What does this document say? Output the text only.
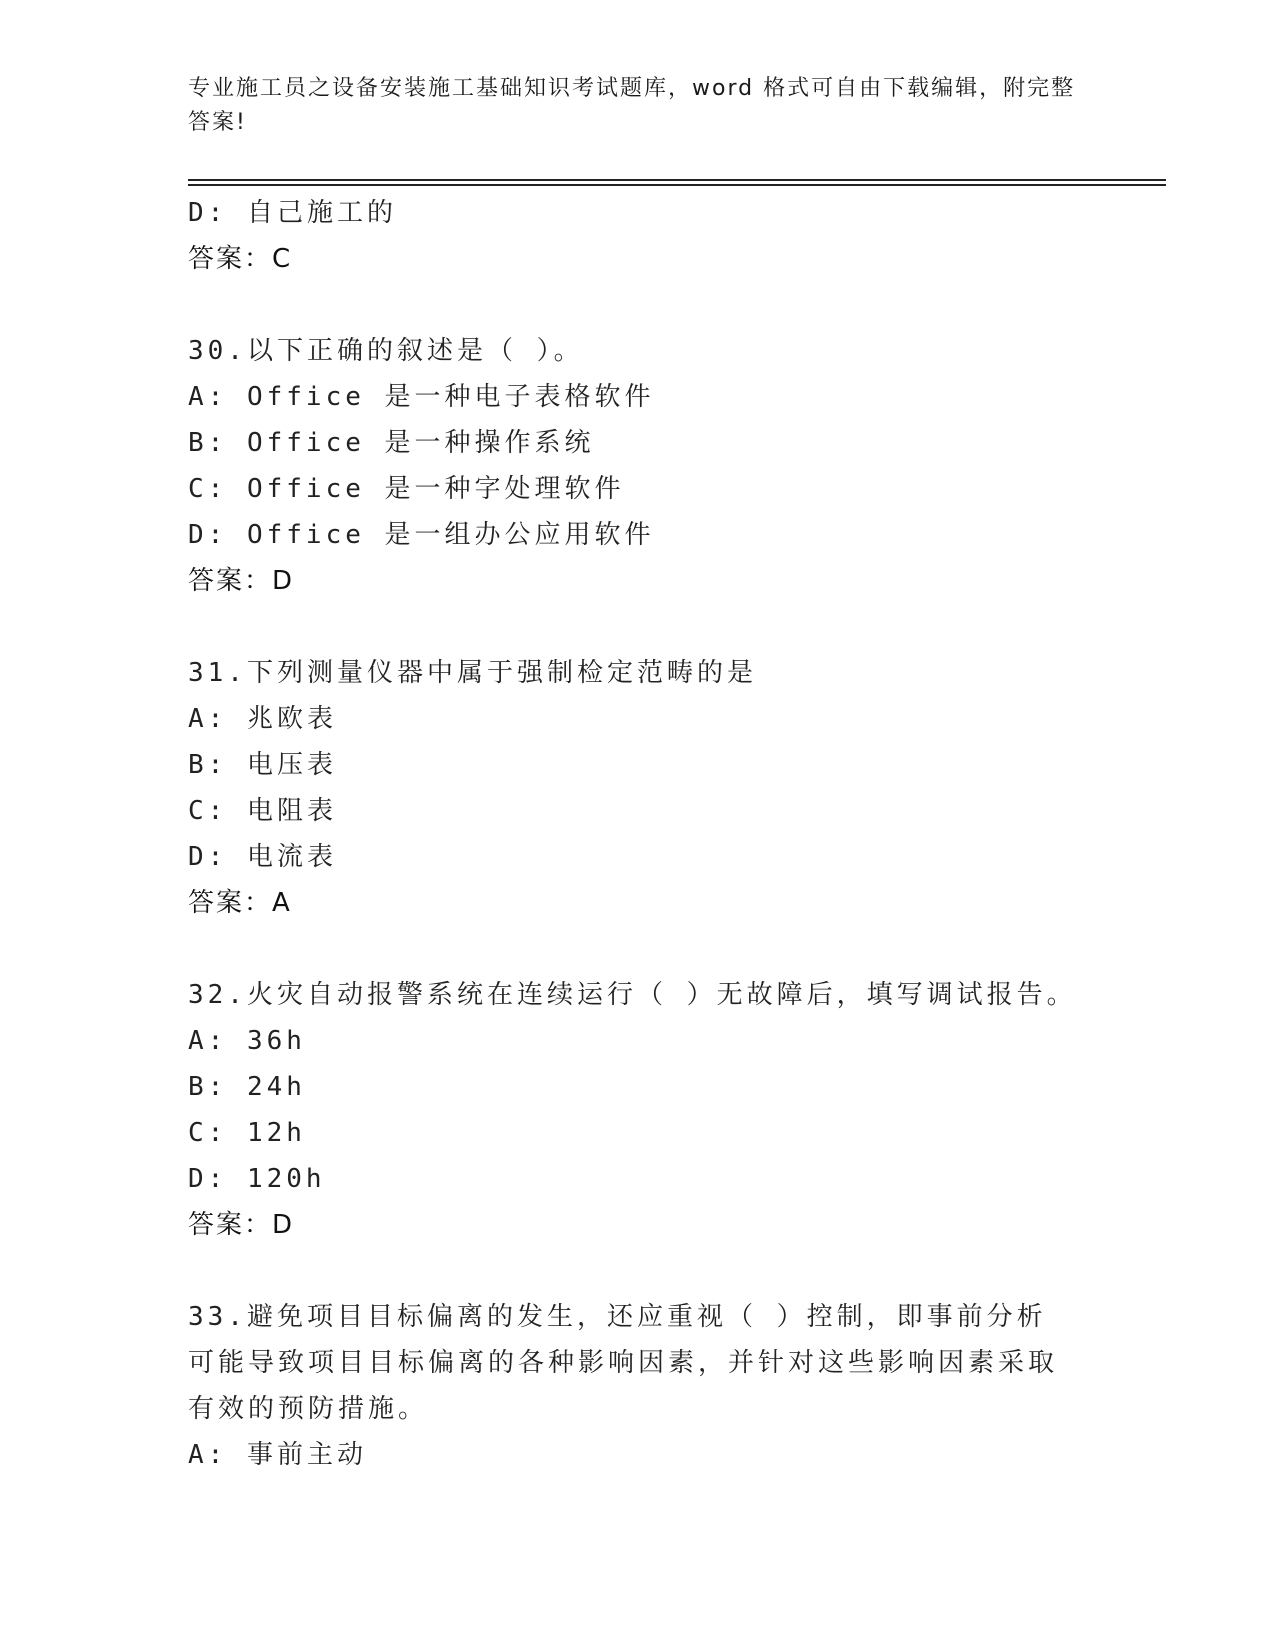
专业施工员之设备安装施工基础知识考试题库，word 格式可自由下载编辑，附完整答案!
D: 自己施工的
答案：C
30.以下正确的叙述是（ ）。
A: Office 是一种电子表格软件
B: Office 是一种操作系统
C: Office 是一种字处理软件
D: Office 是一组办公应用软件
答案：D
31.下列测量仪器中属于强制检定范畴的是
A: 兆欧表
B: 电压表
C: 电阻表
D: 电流表
答案：A
32.火灾自动报警系统在连续运行（ ）无故障后，填写调试报告。
A: 36h
B: 24h
C: 12h
D: 120h
答案：D
33.避免项目目标偏离的发生，还应重视（ ）控制，即事前分析可能导致项目目标偏离的各种影响因素，并针对这些影响因素采取有效的预防措施。
A: 事前主动
